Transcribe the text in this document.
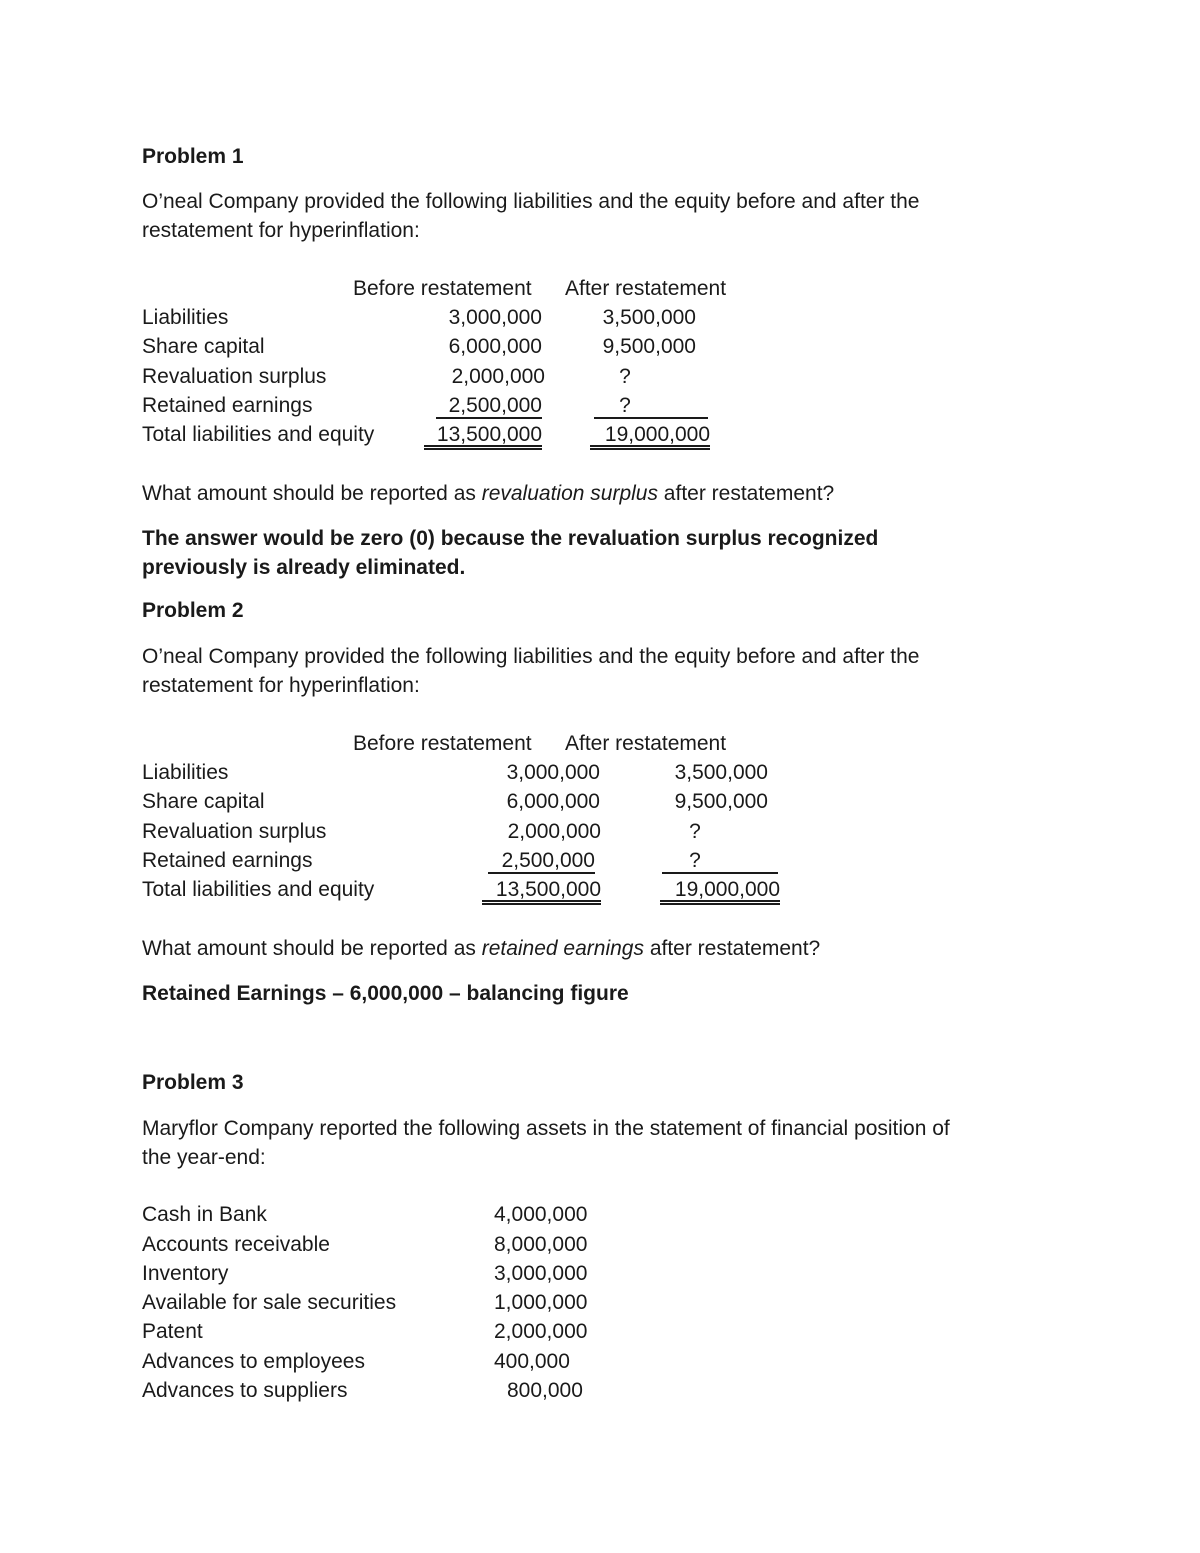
Problem 1
O’neal Company provided the following liabilities and the equity before and after the
restatement for hyperinflation:
Before restatement After restatement
Liabilities	3,000,000	3,500,000
Share capital	6,000,000	9,500,000
Revaluation surplus	2,000,000	?
Retained earnings	2,500,000	?
Total liabilities and equity	13,500,000	19,000,000
What amount should be reported as revaluation surplus after restatement?
The answer would be zero (0) because the revaluation surplus recognized
previously is already eliminated.
Problem 2
O’neal Company provided the following liabilities and the equity before and after the
restatement for hyperinflation:
Before restatement After restatement
Liabilities	3,000,000	3,500,000
Share capital	6,000,000	9,500,000
Revaluation surplus	2,000,000	?
Retained earnings	2,500,000	?
Total liabilities and equity	13,500,000	19,000,000
What amount should be reported as retained earnings after restatement?
Retained Earnings – 6,000,000 – balancing figure
Problem 3
Maryflor Company reported the following assets in the statement of financial position of
the year-end:
Cash in Bank	4,000,000
Accounts receivable	8,000,000
Inventory	3,000,000
Available for sale securities	1,000,000
Patent	2,000,000
Advances to employees	400,000
Advances to suppliers	800,000
